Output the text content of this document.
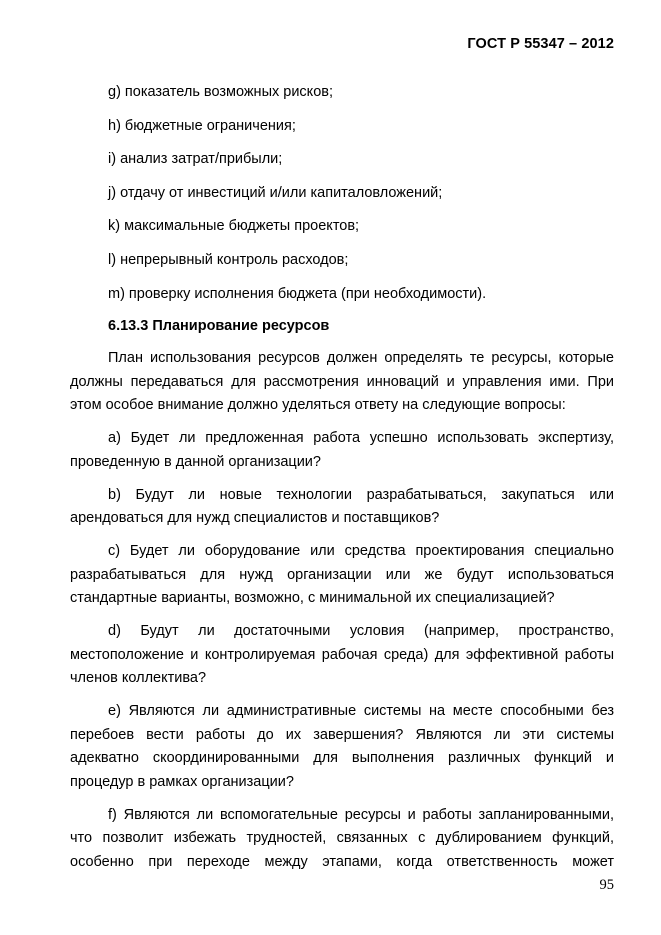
ГОСТ Р 55347 – 2012
g) показатель возможных рисков;
h) бюджетные ограничения;
i) анализ затрат/прибыли;
j) отдачу от инвестиций и/или капиталовложений;
k) максимальные бюджеты проектов;
l) непрерывный контроль расходов;
m) проверку исполнения бюджета (при необходимости).
6.13.3 Планирование ресурсов

План использования ресурсов должен определять те ресурсы, которые должны передаваться для рассмотрения инноваций и управления ими. При этом особое внимание должно уделяться ответу на следующие вопросы:

a) Будет ли предложенная работа успешно использовать экспертизу, проведенную в данной организации?

b) Будут ли новые технологии разрабатываться, закупаться или арендоваться для нужд специалистов и поставщиков?

c) Будет ли оборудование или средства проектирования специально разрабатываться для нужд организации или же будут использоваться стандартные варианты, возможно, с минимальной их специализацией?

d) Будут ли достаточными условия (например, пространство, местоположение и контролируемая рабочая среда) для эффективной работы членов коллектива?

e) Являются ли административные системы на месте способными без перебоев вести работы до их завершения? Являются ли эти системы адекватно скоординированными для выполнения различных функций и процедур в рамках организации?

f) Являются ли вспомогательные ресурсы и работы запланированными, что позволит избежать трудностей, связанных с дублированием функций, особенно при переходе между этапами, когда ответственность может

95
